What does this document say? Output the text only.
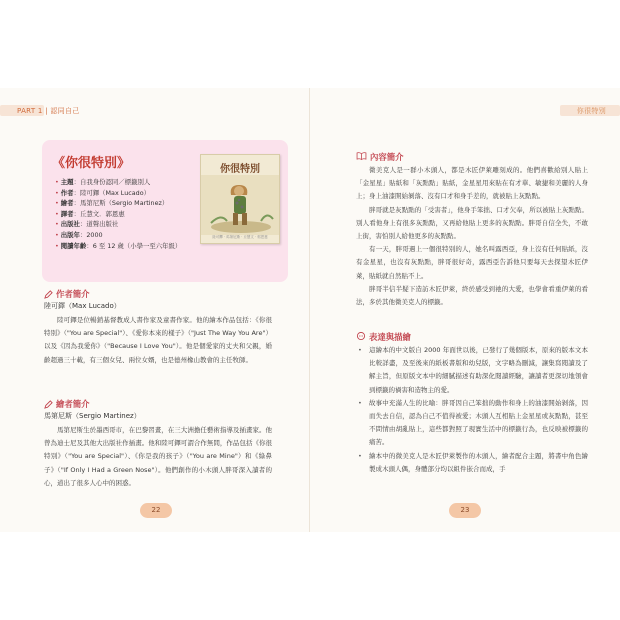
PART 1 | 認同自己
《你很特別》
• 主題：自我身份認同／標籤別人
• 作者：陸可鐸（Max Lucado）
• 繪者：馬第尼斯（Sergio Martinez）
• 譯者：丘慧文．郭恩惠
• 出版社：道聲出版社
• 出版年：2000
• 閱讀年齡：6 至 12 歲（小學一至六年級）
你很特別
陸可鐸 · 馬第尼斯 · 丘慧文 · 郭恩惠
作者簡介
陸可鐸（Max Lucado）

陸可鐸是位暢銷基督教成人書作家及童書作家。他的繪本作品包括：《你很特別》（"You are Special"）、《愛你本來的樣子》（"Just The Way You Are"）以及《因為我愛你》（"Because I Love You"）。他是個愛家的丈夫和父親，婚齡超過三十載，有三個女兒、兩位女婿，也是德州橡山教會的主任牧師。

繪者簡介
馬第尼斯（Sergio Martinez）

馬第尼斯生於墨西哥市，在巴黎習畫，在三大洲擔任藝術指導及插畫家。他曾為迪士尼及其他大出版社作插畫。他和陸可鐸可謂合作無間，作品包括《你很特別》（"You are Special"）、《你是我的孩子》（"You are Mine"）和《綠鼻子》（"If Only I Had a Green Nose"）。他們創作的小木頭人胖哥深入讀者的心，道出了很多人心中的困惑。

22
你很特別
內容簡介

微美克人是一群小木頭人，都是木匠伊萊雕刻成的。他們喜歡給別人貼上「金星星」貼紙和「灰點點」貼紙，金星星用來貼在有才華、敏捷和美麗的人身上；身上油漆開始剝落、沒有口才和身手差的，就被貼上灰點點。

胖哥就是灰點點的「受害者」，他身手笨拙、口才欠奉，所以被貼上灰點點。別人看他身上有很多灰點點，又再給他貼上更多的灰點點。胖哥自信全失，不敢上街，害怕別人給他更多的灰點點。

有一天，胖哥遇上一個很特別的人，她名叫露西亞，身上沒有任何貼紙，沒有金星星，也沒有灰點點，胖哥很好奇，露西亞告訴他只要每天去探望木匠伊萊，貼紙就自然貼不上。

胖哥半信半疑下造訪木匠伊萊，終於感受到祂的大愛，也學會看重伊萊的看法，多於其他微美克人的標籤。

表達與描繪
• 這繪本的中文版自 2000 年面世以後，已發行了幾個版本，原來的版本文本比較詳盡，及至後來的紙板書版和幼兒版，文字略為刪減，讓集寫閱讀及了解主旨，但原版文本中的細膩描述有助深化閱讀經驗，讓讀者更深切地領會到標籤的禍害和造物主的愛。
• 故事中充滿人生的比喻：胖哥因自己笨拙的動作和身上的油漆開始剝落，因而失去自信，認為自己不值得被愛；木頭人互相貼上金星星或灰點點，甚至不問情由胡亂貼上，這些都對照了現實生活中的標籤行為，也反映被標籤的痛苦。
• 繪本中的微美克人是木匠伊萊製作的木頭人，繪者配合主題，將書中角色繪製成木頭人偶，身體部分均以組件嵌合而成，手
23
